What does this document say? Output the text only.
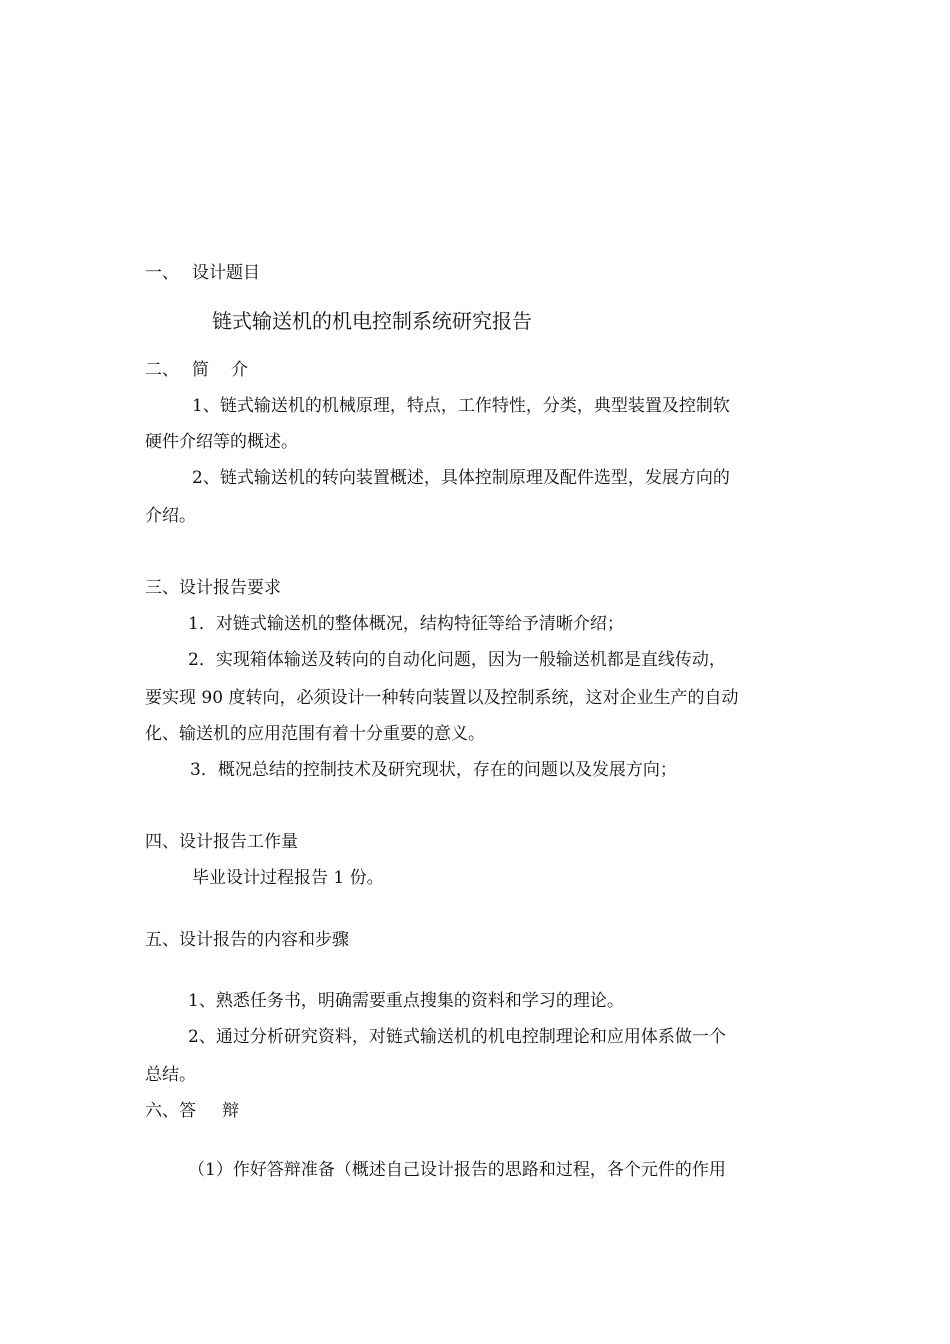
一、 设计题目
链式输送机的机电控制系统研究报告
二、 简 介
1、链式输送机的机械原理，特点，工作特性，分类，典型装置及控制软
硬件介绍等的概述。
2、链式输送机的转向装置概述，具体控制原理及配件选型，发展方向的
介绍。
三、设计报告要求
1．对链式输送机的整体概况，结构特征等给予清晰介绍；
2．实现箱体输送及转向的自动化问题，因为一般输送机都是直线传动，
要实现 90 度转向，必须设计一种转向装置以及控制系统，这对企业生产的自动
化、输送机的应用范围有着十分重要的意义。
3．概况总结的控制技术及研究现状，存在的问题以及发展方向；
四、设计报告工作量
毕业设计过程报告 1 份。
五、设计报告的内容和步骤
1、熟悉任务书，明确需要重点搜集的资料和学习的理论。
2、通过分析研究资料，对链式输送机的机电控制理论和应用体系做一个
总结。
六、答 辩
（1）作好答辩准备（概述自己设计报告的思路和过程，各个元件的作用
